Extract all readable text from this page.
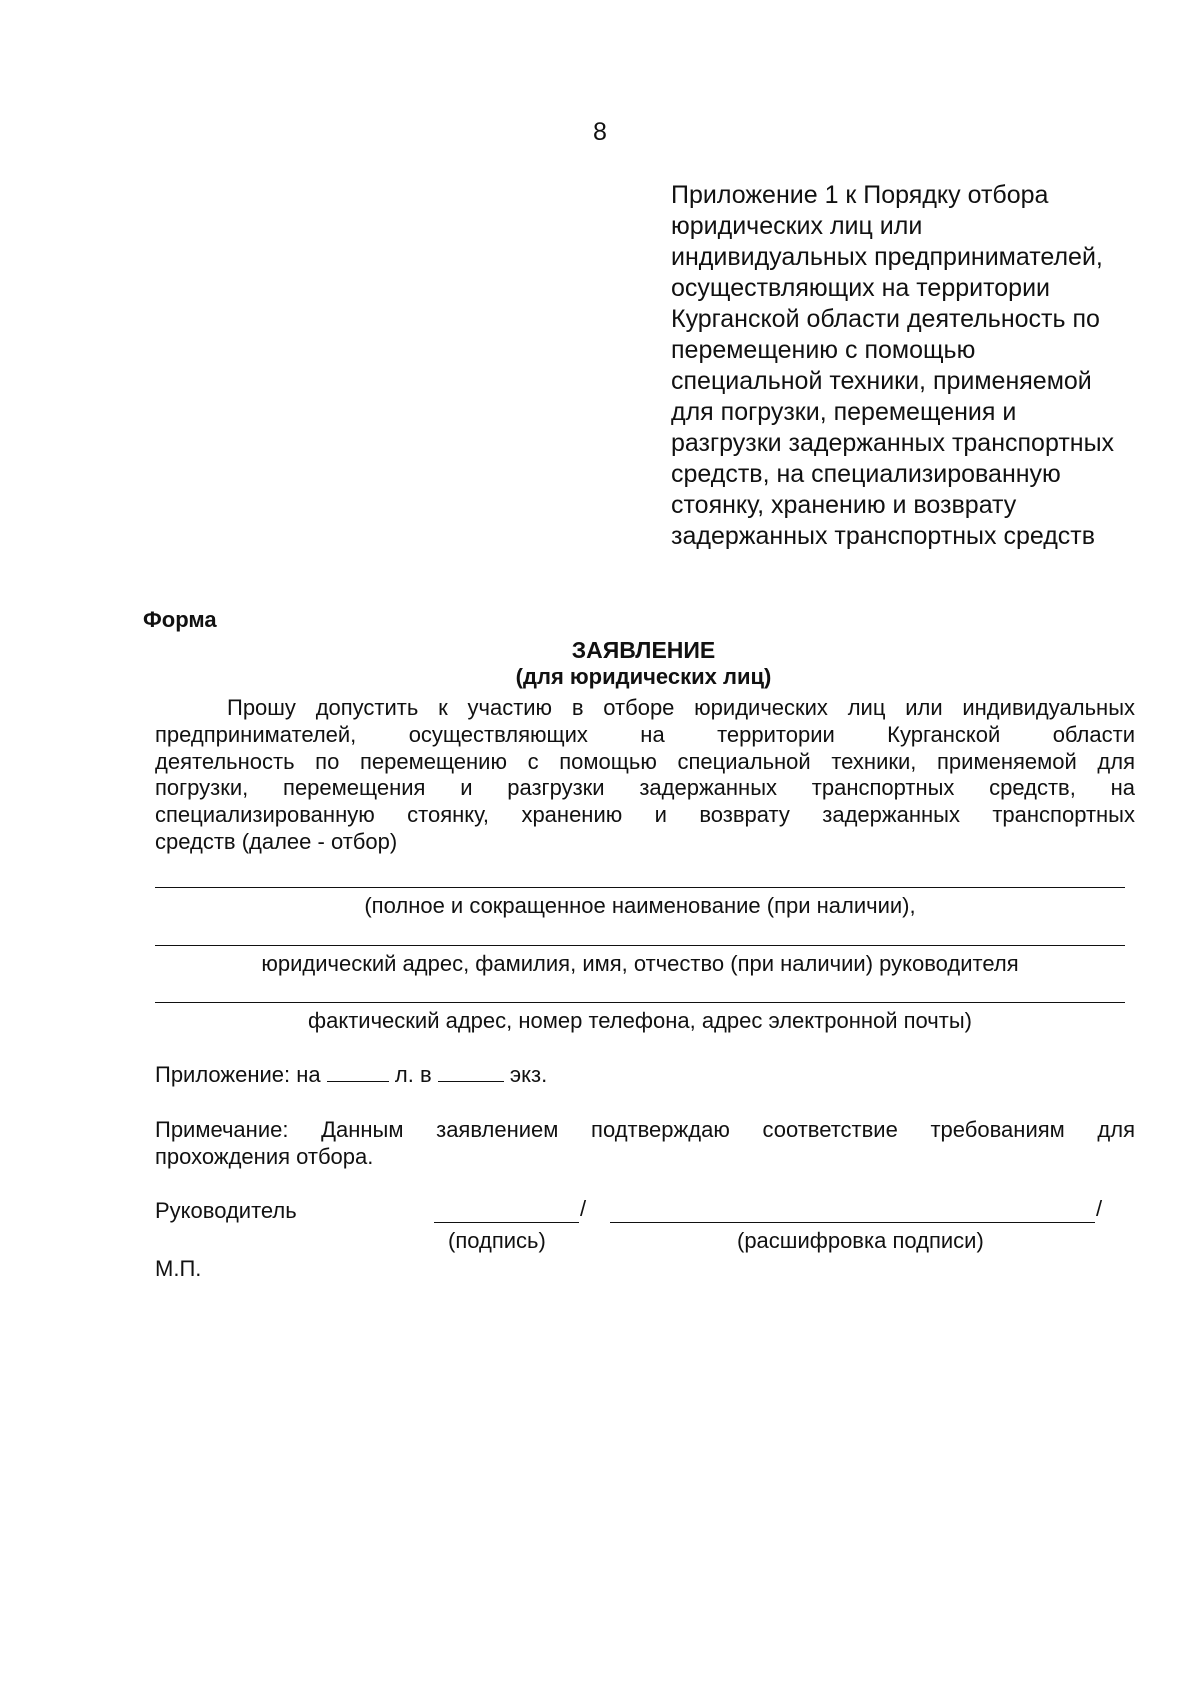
8
Приложение 1 к Порядку отбора
юридических лиц или
индивидуальных предпринимателей,
осуществляющих на территории
Курганской области деятельность по
перемещению с помощью
специальной техники, применяемой
для погрузки, перемещения и
разгрузки задержанных транспортных
средств, на специализированную
стоянку, хранению и возврату
задержанных транспортных средств
Форма
ЗАЯВЛЕНИЕ
(для юридических лиц)
Прошу допустить к участию в отборе юридических лиц или индивидуальных
предпринимателей, осуществляющих на территории Курганской области
деятельность по перемещению с помощью специальной техники, применяемой для
погрузки, перемещения и разгрузки задержанных транспортных средств, на
специализированную стоянку, хранению и возврату задержанных транспортных
средств (далее - отбор)
(полное и сокращенное наименование (при наличии),
юридический адрес, фамилия, имя, отчество (при наличии) руководителя
фактический адрес, номер телефона, адрес электронной почты)
Приложение: на	л. в	экз.
Примечание: Данным заявлением подтверждаю соответствие требованиям для
прохождения отбора.
Руководитель	/	/
(подпись)	(расшифровка подписи)
М.П.
